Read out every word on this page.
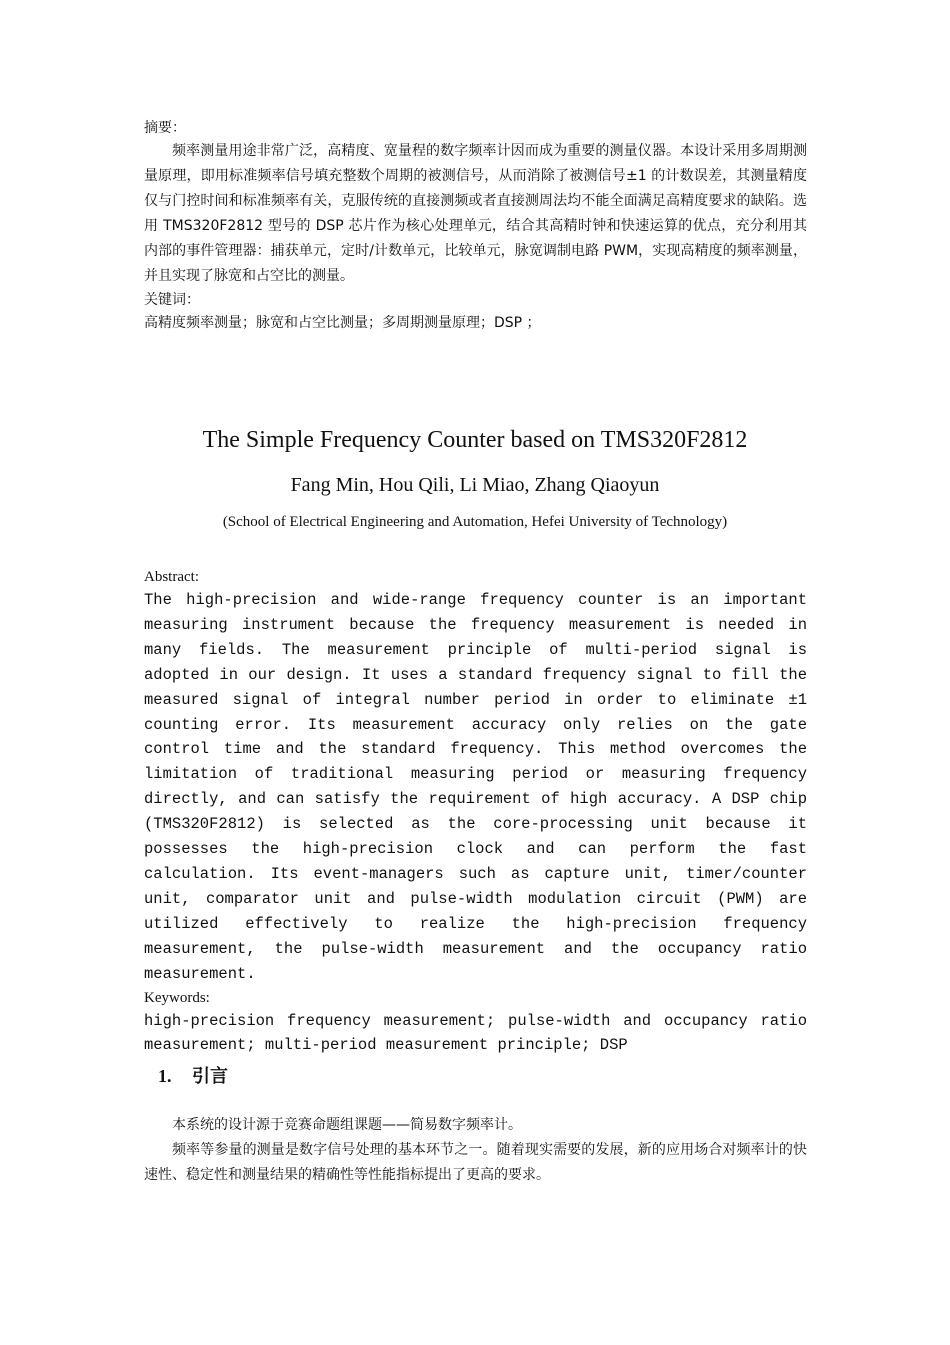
摘要：

频率测量用途非常广泛，高精度、宽量程的数字频率计因而成为重要的测量仪器。本设计采用多周期测量原理，即用标准频率信号填充整数个周期的被测信号，从而消除了被测信号±1 的计数误差，其测量精度仅与门控时间和标准频率有关，克服传统的直接测频或者直接测周法均不能全面满足高精度要求的缺陷。选用 TMS320F2812 型号的 DSP 芯片作为核心处理单元，结合其高精时钟和快速运算的优点，充分利用其内部的事件管理器：捕获单元，定时/计数单元，比较单元，脉宽调制电路 PWM，实现高精度的频率测量，并且实现了脉宽和占空比的测量。

关键词：

高精度频率测量；脉宽和占空比测量；多周期测量原理；DSP ；

The Simple Frequency Counter based on TMS320F2812

Fang Min, Hou Qili, Li Miao, Zhang Qiaoyun

(School of Electrical Engineering and Automation, Hefei University of Technology)

Abstract:

The high-precision and wide-range frequency counter is an important measuring instrument because the frequency measurement is needed in many fields. The measurement principle of multi-period signal is adopted in our design. It uses a standard frequency signal to fill the measured signal of integral number period in order to eliminate ±1 counting error. Its measurement accuracy only relies on the gate control time and the standard frequency. This method overcomes the limitation of traditional measuring period or measuring frequency directly, and can satisfy the requirement of high accuracy. A DSP chip (TMS320F2812) is selected as the core-processing unit because it possesses the high-precision clock and can perform the fast calculation. Its event-managers such as capture unit, timer/counter unit, comparator unit and pulse-width modulation circuit (PWM) are utilized effectively to realize the high-precision frequency measurement, the pulse-width measurement and the occupancy ratio measurement.

Keywords:

high-precision frequency measurement; pulse-width and occupancy ratio measurement; multi-period measurement principle; DSP

1. 引言

本系统的设计源于竞赛命题组课题——简易数字频率计。

频率等参量的测量是数字信号处理的基本环节之一。随着现实需要的发展，新的应用场合对频率计的快速性、稳定性和测量结果的精确性等性能指标提出了更高的要求。
